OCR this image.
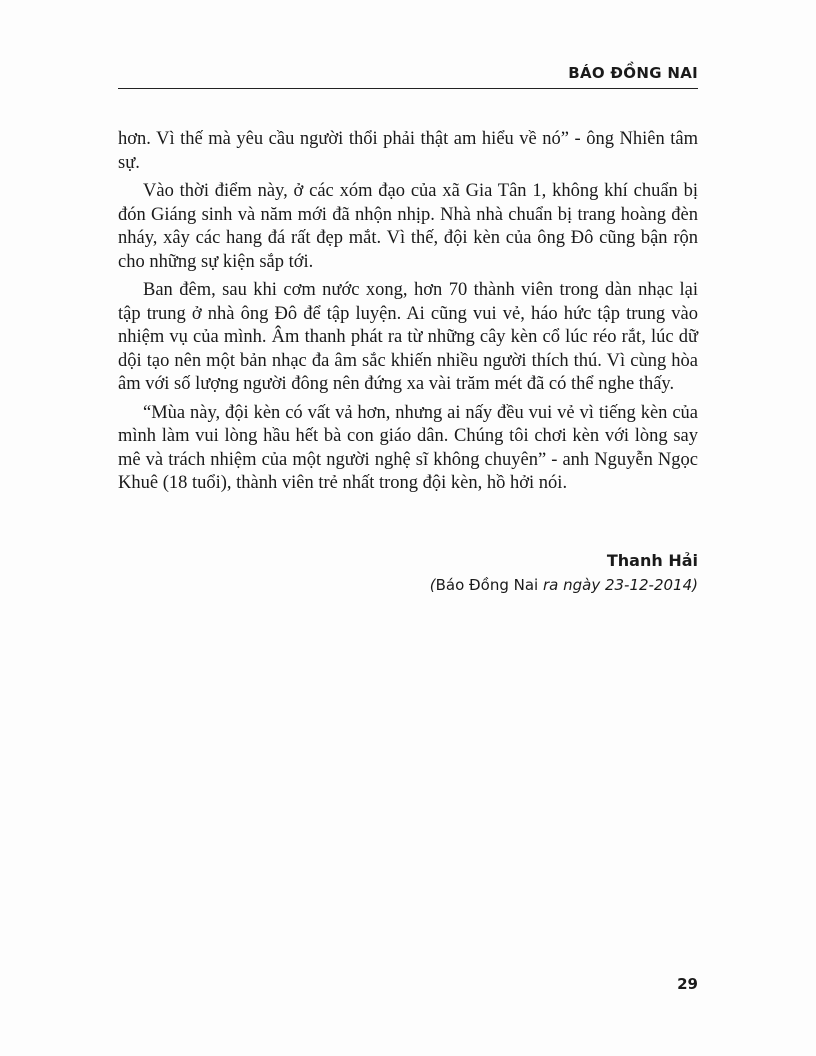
BÁO ĐỒNG NAI

hơn. Vì thế mà yêu cầu người thổi phải thật am hiểu về nó” - ông Nhiên tâm sự.

Vào thời điểm này, ở các xóm đạo của xã Gia Tân 1, không khí chuẩn bị đón Giáng sinh và năm mới đã nhộn nhịp. Nhà nhà chuẩn bị trang hoàng đèn nháy, xây các hang đá rất đẹp mắt. Vì thế, đội kèn của ông Đô cũng bận rộn cho những sự kiện sắp tới.

Ban đêm, sau khi cơm nước xong, hơn 70 thành viên trong dàn nhạc lại tập trung ở nhà ông Đô để tập luyện. Ai cũng vui vẻ, háo hức tập trung vào nhiệm vụ của mình. Âm thanh phát ra từ những cây kèn cổ lúc réo rắt, lúc dữ dội tạo nên một bản nhạc đa âm sắc khiến nhiều người thích thú. Vì cùng hòa âm với số lượng người đông nên đứng xa vài trăm mét đã có thể nghe thấy.

“Mùa này, đội kèn có vất vả hơn, nhưng ai nấy đều vui vẻ vì tiếng kèn của mình làm vui lòng hầu hết bà con giáo dân. Chúng tôi chơi kèn với lòng say mê và trách nhiệm của một người nghệ sĩ không chuyên” - anh Nguyễn Ngọc Khuê (18 tuổi), thành viên trẻ nhất trong đội kèn, hồ hởi nói.

Thanh Hải
(Báo Đồng Nai ra ngày 23-12-2014)
29
